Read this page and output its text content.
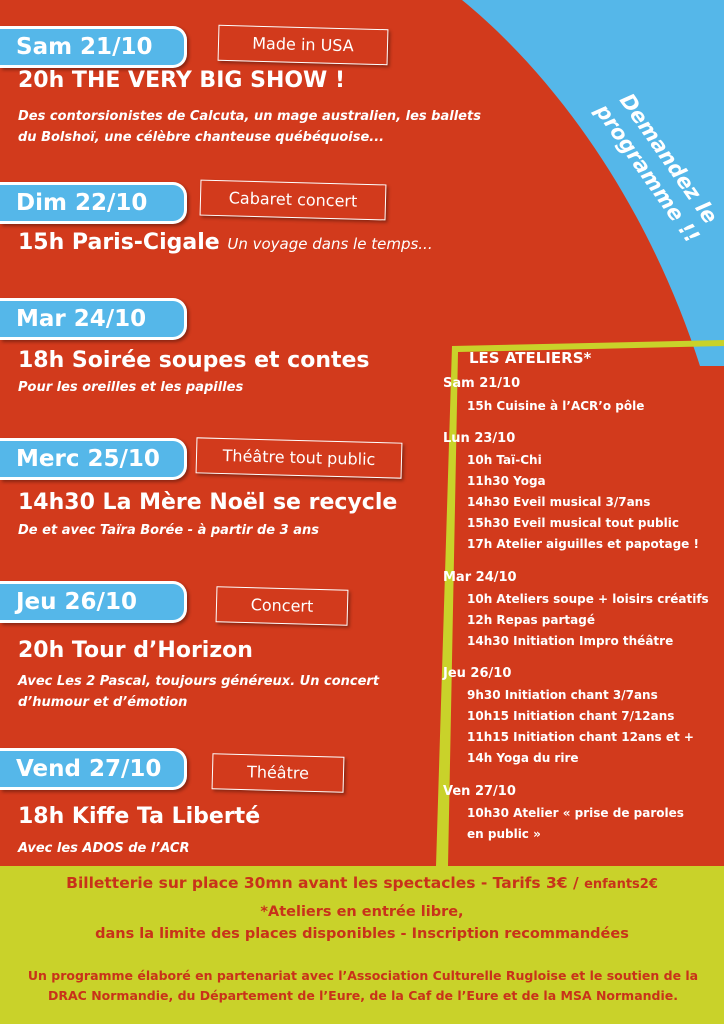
Demandez le programme !!
Sam 21/10	Made in USA
20h THE VERY BIG SHOW !
Des contorsionistes de Calcuta, un mage australien, les ballets
du Bolshoï, une célèbre chanteuse québéquoise...
Dim 22/10	Cabaret concert
15h Paris-Cigale Un voyage dans le temps...
Mar 24/10
18h Soirée soupes et contes
Pour les oreilles et les papilles
Merc 25/10	Théâtre tout public
14h30 La Mère Noël se recycle
De et avec Taïra Borée - à partir de 3 ans
Jeu 26/10	Concert
20h Tour d’Horizon
Avec Les 2 Pascal, toujours généreux. Un concert
d’humour et d’émotion
Vend 27/10	Théâtre
18h Kiffe Ta Liberté
Avec les ADOS de l’ACR
LES ATELIERS*
Sam 21/10
15h Cuisine à l’ACR’o pôle
Lun 23/10
10h Taï-Chi
11h30 Yoga
14h30 Eveil musical 3/7ans
15h30 Eveil musical tout public
17h Atelier aiguilles et papotage !
Mar 24/10
10h Ateliers soupe + loisirs créatifs
12h Repas partagé
14h30 Initiation Impro théâtre
Jeu 26/10
9h30 Initiation chant 3/7ans
10h15 Initiation chant 7/12ans
11h15 Initiation chant 12ans et +
14h Yoga du rire
Ven 27/10
10h30 Atelier « prise de paroles
en public »
Billetterie sur place 30mn avant les spectacles - Tarifs 3€ / enfants2€
*Ateliers en entrée libre,
dans la limite des places disponibles - Inscription recommandées
Un programme élaboré en partenariat avec l’Association Culturelle Rugloise et le soutien de la
DRAC Normandie, du Département de l’Eure, de la Caf de l’Eure et de la MSA Normandie.
